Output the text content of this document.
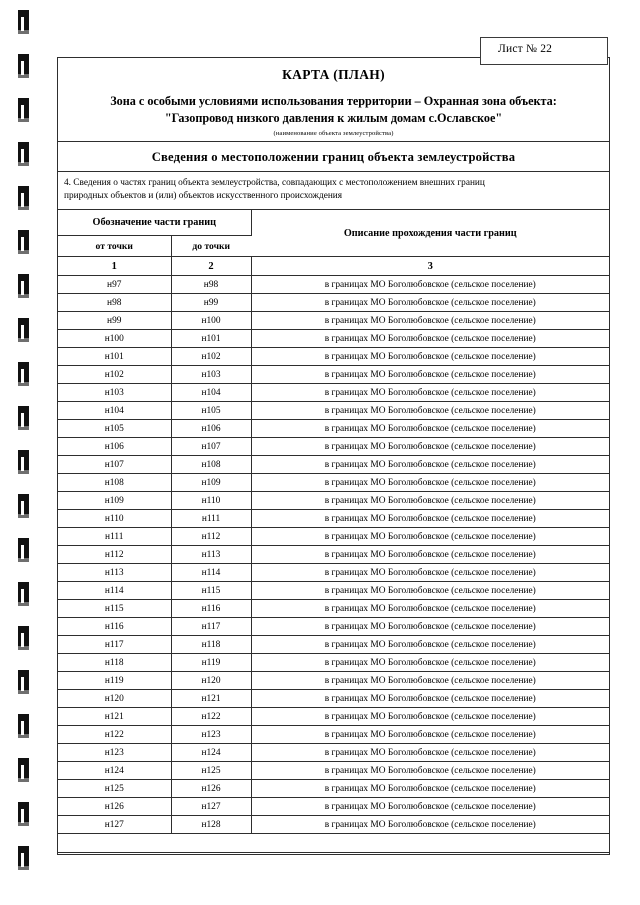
Лист № 22
КАРТА (ПЛАН)
Зона с особыми условиями использования территории – Охранная зона объекта:
"Газопровод низкого давления к жилым домам с.Ославское"
(наименование объекта землеустройства)
Сведения о местоположении границ объекта землеустройства
4. Сведения о частях границ объекта землеустройства, совпадающих с местоположением внешних границ
природных объектов и (или) объектов искусственного происхождения
Обозначение части границ		Описание прохождения части границ
от точки	до точки	
1	2	3
н97	н98	в границах МО Боголюбовское (сельское поселение)
н98	н99	в границах МО Боголюбовское (сельское поселение)
н99	н100	в границах МО Боголюбовское (сельское поселение)
н100	н101	в границах МО Боголюбовское (сельское поселение)
н101	н102	в границах МО Боголюбовское (сельское поселение)
н102	н103	в границах МО Боголюбовское (сельское поселение)
н103	н104	в границах МО Боголюбовское (сельское поселение)
н104	н105	в границах МО Боголюбовское (сельское поселение)
н105	н106	в границах МО Боголюбовское (сельское поселение)
н106	н107	в границах МО Боголюбовское (сельское поселение)
н107	н108	в границах МО Боголюбовское (сельское поселение)
н108	н109	в границах МО Боголюбовское (сельское поселение)
н109	н110	в границах МО Боголюбовское (сельское поселение)
н110	н111	в границах МО Боголюбовское (сельское поселение)
н111	н112	в границах МО Боголюбовское (сельское поселение)
н112	н113	в границах МО Боголюбовское (сельское поселение)
н113	н114	в границах МО Боголюбовское (сельское поселение)
н114	н115	в границах МО Боголюбовское (сельское поселение)
н115	н116	в границах МО Боголюбовское (сельское поселение)
н116	н117	в границах МО Боголюбовское (сельское поселение)
н117	н118	в границах МО Боголюбовское (сельское поселение)
н118	н119	в границах МО Боголюбовское (сельское поселение)
н119	н120	в границах МО Боголюбовское (сельское поселение)
н120	н121	в границах МО Боголюбовское (сельское поселение)
н121	н122	в границах МО Боголюбовское (сельское поселение)
н122	н123	в границах МО Боголюбовское (сельское поселение)
н123	н124	в границах МО Боголюбовское (сельское поселение)
н124	н125	в границах МО Боголюбовское (сельское поселение)
н125	н126	в границах МО Боголюбовское (сельское поселение)
н126	н127	в границах МО Боголюбовское (сельское поселение)
н127	н128	в границах МО Боголюбовское (сельское поселение)
